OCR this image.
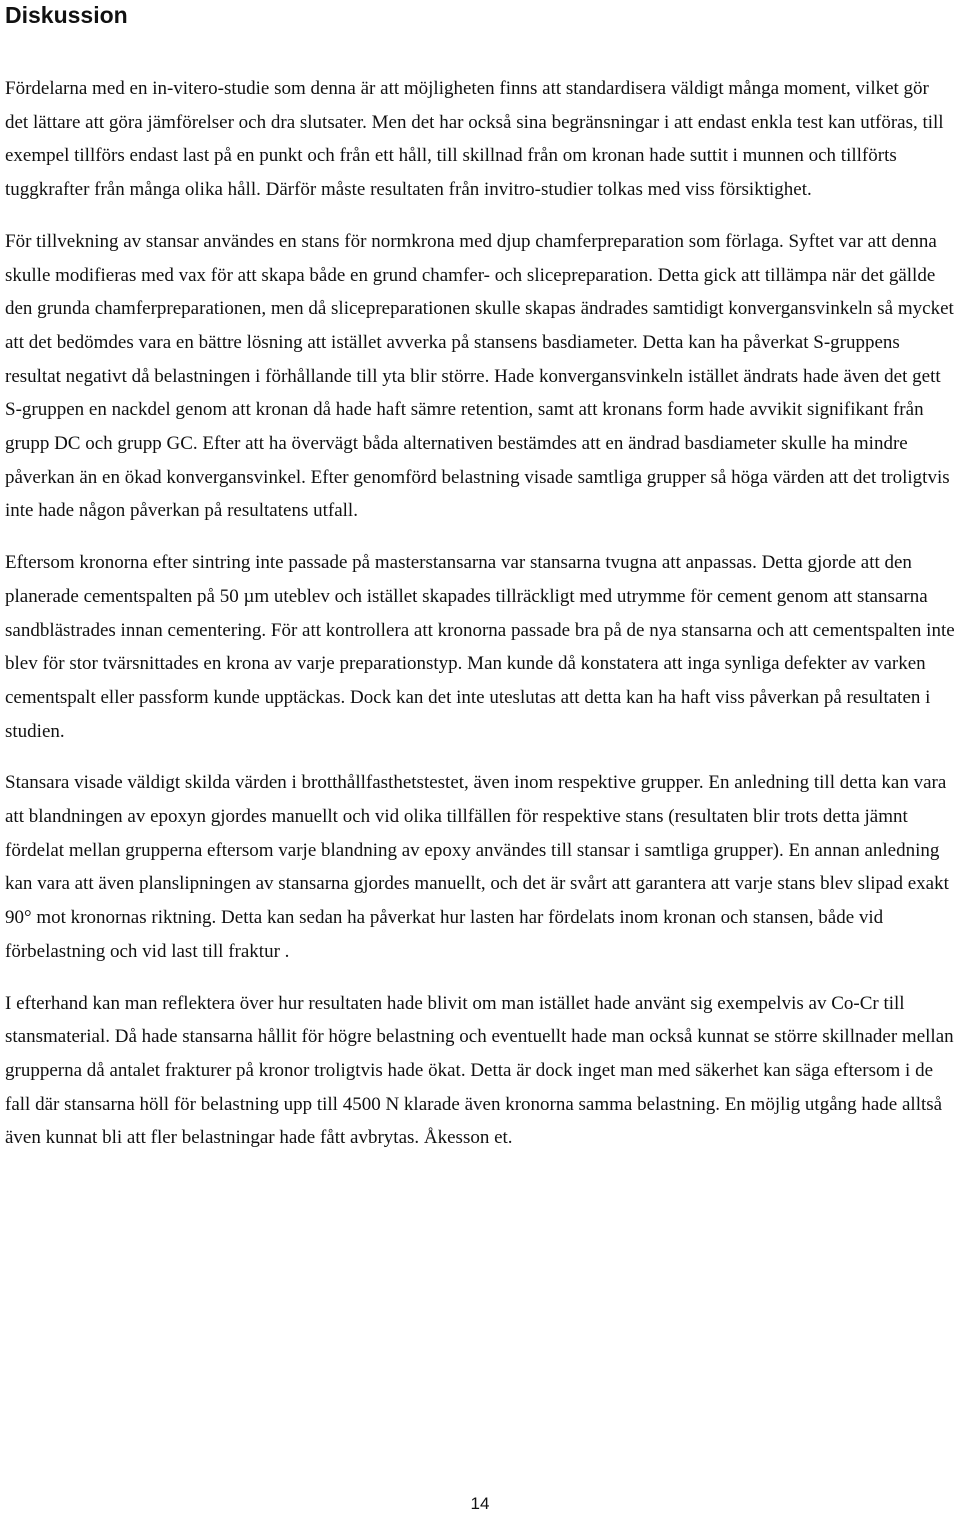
Diskussion

Fördelarna med en in-vitero-studie som denna är att möjligheten finns att standardisera väldigt många moment, vilket gör det lättare att göra jämförelser och dra slutsater. Men det har också sina begränsningar i att endast enkla test kan utföras, till exempel tillförs endast last på en punkt och från ett håll, till skillnad från om kronan hade suttit i munnen och tillförts tuggkrafter från många olika håll. Därför måste resultaten från invitro-studier tolkas med viss försiktighet.

För tillvekning av stansar användes en stans för normkrona med djup chamferpreparation som förlaga. Syftet var att denna skulle modifieras med vax för att skapa både en grund chamfer- och slicepreparation. Detta gick att tillämpa när det gällde den grunda chamferpreparationen, men då slicepreparationen skulle skapas ändrades samtidigt konvergansvinkeln så mycket att det bedömdes vara en bättre lösning att istället avverka på stansens basdiameter. Detta kan ha påverkat S-gruppens resultat negativt då belastningen i förhållande till yta blir större. Hade konvergansvinkeln istället ändrats hade även det gett S-gruppen en nackdel genom att kronan då hade haft sämre retention, samt att kronans form hade avvikit signifikant från grupp DC och grupp GC. Efter att ha övervägt båda alternativen bestämdes att en ändrad basdiameter skulle ha mindre påverkan än en ökad konvergansvinkel. Efter genomförd belastning visade samtliga grupper så höga värden att det troligtvis inte hade någon påverkan på resultatens utfall.

Eftersom kronorna efter sintring inte passade på masterstansarna var stansarna tvugna att anpassas. Detta gjorde att den planerade cementspalten på 50 µm uteblev och istället skapades tillräckligt med utrymme för cement genom att stansarna sandblästrades innan cementering. För att kontrollera att kronorna passade bra på de nya stansarna och att cementspalten inte blev för stor tvärsnittades en krona av varje preparationstyp. Man kunde då konstatera att inga synliga defekter av varken cementspalt eller passform kunde upptäckas. Dock kan det inte uteslutas att detta kan ha haft viss påverkan på resultaten i studien.

Stansara visade väldigt skilda värden i brotthållfasthetstestet, även inom respektive grupper. En anledning till detta kan vara att blandningen av epoxyn gjordes manuellt och vid olika tillfällen för respektive stans (resultaten blir trots detta jämnt fördelat mellan grupperna eftersom varje blandning av epoxy användes till stansar i samtliga grupper). En annan anledning kan vara att även planslipningen av stansarna gjordes manuellt, och det är svårt att garantera att varje stans blev slipad exakt 90° mot kronornas riktning. Detta kan sedan ha påverkat hur lasten har fördelats inom kronan och stansen, både vid förbelastning och vid last till fraktur .

I efterhand kan man reflektera över hur resultaten hade blivit om man istället hade använt sig exempelvis av Co-Cr till stansmaterial. Då hade stansarna hållit för högre belastning och eventuellt hade man också kunnat se större skillnader mellan grupperna då antalet frakturer på kronor troligtvis hade ökat. Detta är dock inget man med säkerhet kan säga eftersom i de fall där stansarna höll för belastning upp till 4500 N klarade även kronorna samma belastning. En möjlig utgång hade alltså även kunnat bli att fler belastningar hade fått avbrytas. Åkesson et.

14
